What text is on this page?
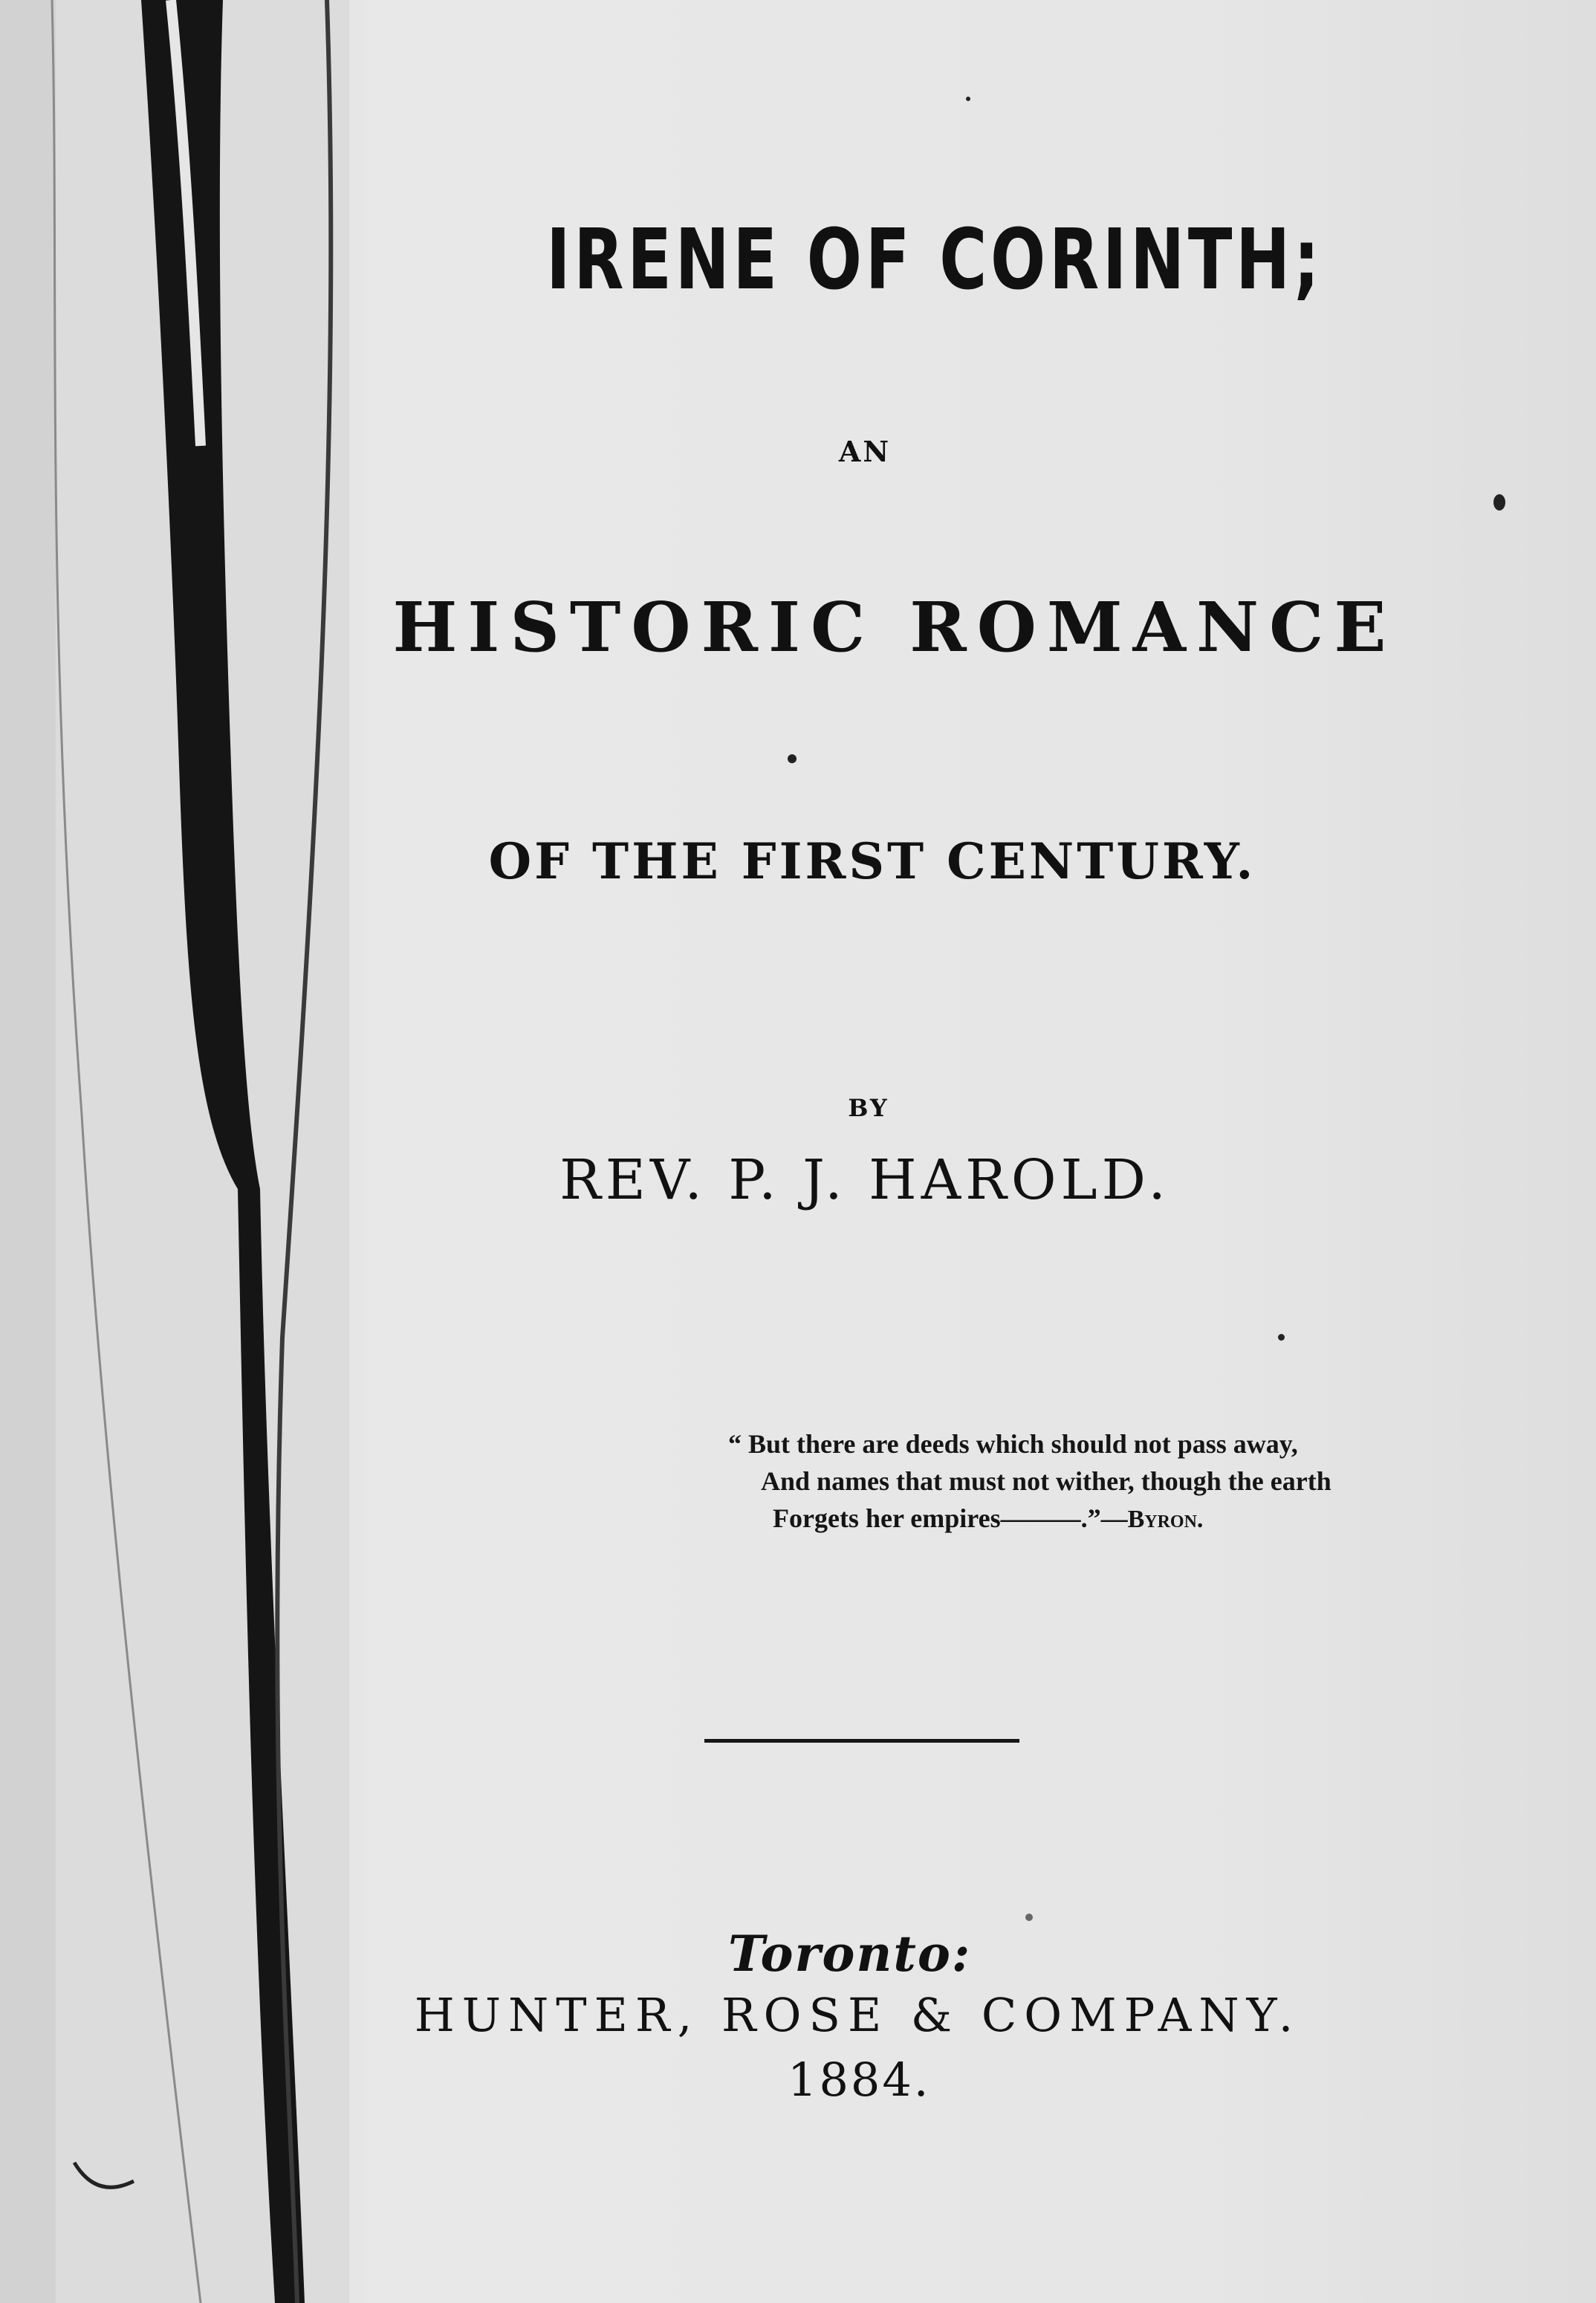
IRENE OF CORINTH;
AN
HISTORIC ROMANCE
OF THE FIRST CENTURY.
BY
REV. P. J. HAROLD.
“ But there are deeds which should not pass away,
And names that must not wither, though the earth
Forgets her empires———.”—Byron.
Toronto:
HUNTER, ROSE & COMPANY.
1884.
